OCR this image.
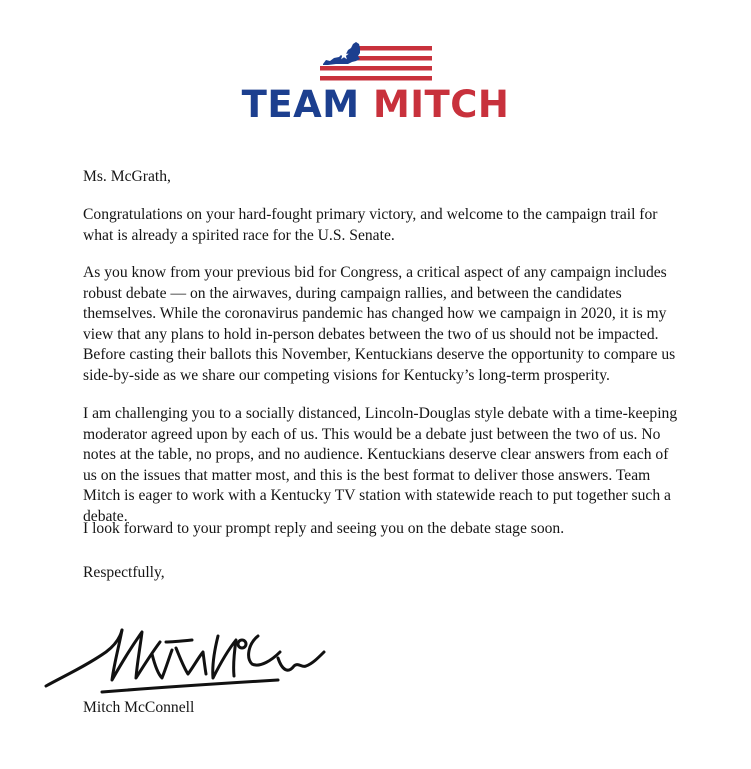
TEAM MITCH
Ms. McGrath,
Congratulations on your hard-fought primary victory, and welcome to the campaign trail for what is already a spirited race for the U.S. Senate.
As you know from your previous bid for Congress, a critical aspect of any campaign includes robust debate — on the airwaves, during campaign rallies, and between the candidates themselves. While the coronavirus pandemic has changed how we campaign in 2020, it is my view that any plans to hold in-person debates between the two of us should not be impacted. Before casting their ballots this November, Kentuckians deserve the opportunity to compare us side-by-side as we share our competing visions for Kentucky’s long-term prosperity.
I am challenging you to a socially distanced, Lincoln-Douglas style debate with a time-keeping moderator agreed upon by each of us. This would be a debate just between the two of us. No notes at the table, no props, and no audience. Kentuckians deserve clear answers from each of us on the issues that matter most, and this is the best format to deliver those answers. Team Mitch is eager to work with a Kentucky TV station with statewide reach to put together such a debate.
I look forward to your prompt reply and seeing you on the debate stage soon.
Respectfully,
Mitch McConnell
